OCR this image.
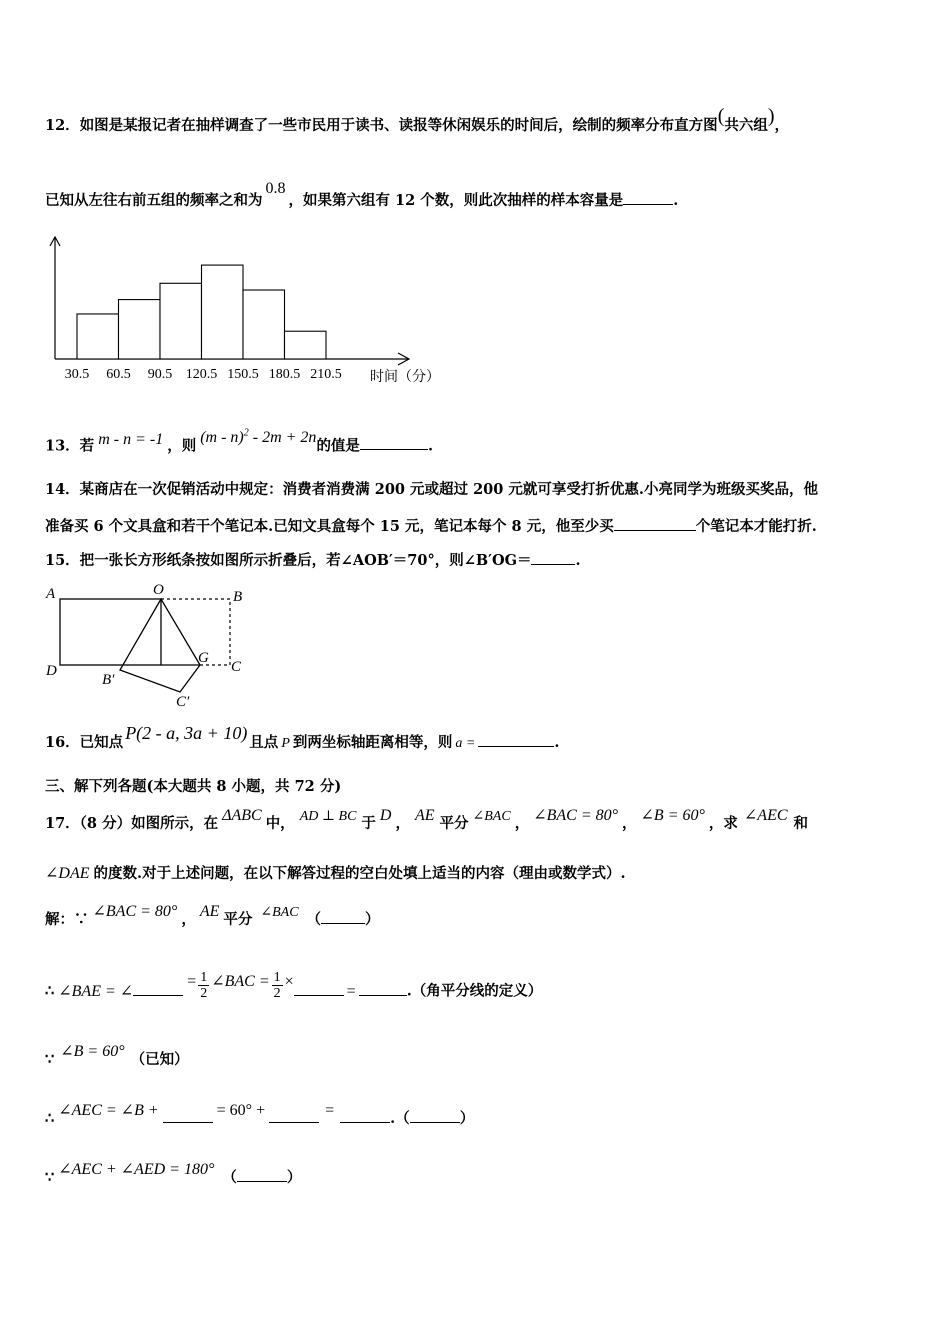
12．如图是某报记者在抽样调查了一些市民用于读书、读报等休闲娱乐的时间后，绘制的频率分布直方图(共六组)，
已知从左往右前五组的频率之和为0.8，如果第六组有 12 个数，则此次抽样的样本容量是	.
30.5 60.5 90.5 120.5 150.5 180.5 210.5 时间（分）
13．若 m - n = -1 ，则 (m - n)$^2$ - 2m + 2n的值是	.
14．某商店在一次促销活动中规定：消费者消费满 200 元或超过 200 元就可享受打折优惠.小亮同学为班级买奖品，他
准备买 6 个文具盒和若干个笔记本.已知文具盒每个 15 元，笔记本每个 8 元，他至少买	个笔记本才能打折.
15．把一张长方形纸条按如图所示折叠后，若∠AOB′＝70°，则∠B′OG＝	.
A	O	B
D
G
C
B′
C′
16．已知点 P(2 - a, 3a + 10) 且点 P 到两坐标轴距离相等，则 a =	.
三、解下列各题(本大题共 8 小题，共 72 分)
17．（8 分）如图所示，在 ΔABC 中， AD ⊥ BC 于 D ， AE 平分 ∠BAC ， ∠BAC = 80° ， ∠B = 60° ，求 ∠AEC 和
∠DAE 的度数.对于上述问题，在以下解答过程的空白处填上适当的内容（理由或数学式）.
解：∵ ∠BAC = 80° ， AE 平分 ∠BAC （	）
∴ ∠BAE = ∠= $\frac{1}{2}$ ∠BAC = $\frac{1}{2}$ ×=	.（角平分线的定义）
∵ ∠B = 60° （已知）
∴ ∠AEC = ∠B +	= 60° +	=	.（	）
∵ ∠AEC + ∠AED = 180° （	）
